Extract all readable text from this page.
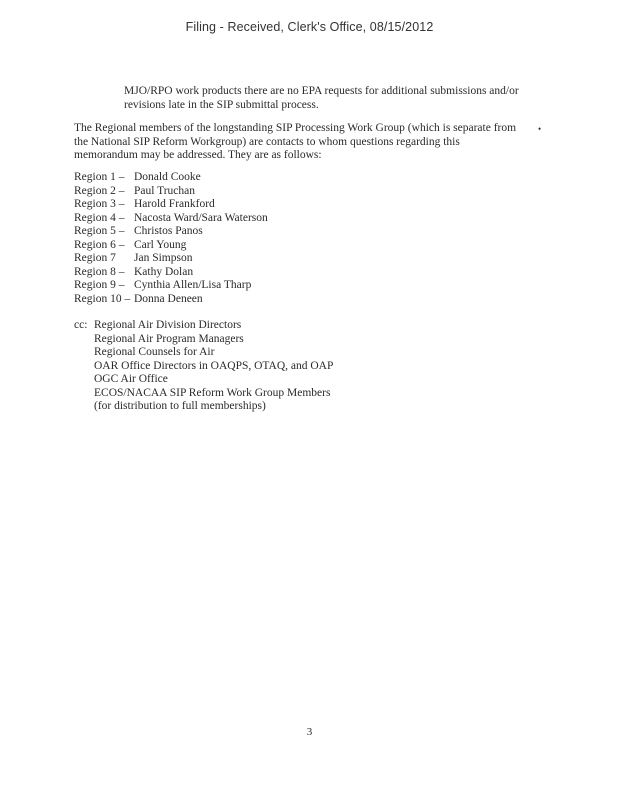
Filing - Received, Clerk's Office, 08/15/2012
MJO/RPO work products there are no EPA requests for additional submissions and/or
revisions late in the SIP submittal process.
The Regional members of the longstanding SIP Processing Work Group (which is separate from
the National SIP Reform Workgroup) are contacts to whom questions regarding this
memorandum may be addressed. They are as follows:
•
Region 1 – Donald Cooke
Region 2 – Paul Truchan
Region 3 – Harold Frankford
Region 4 – Nacosta Ward/Sara Waterson
Region 5 – Christos Panos
Region 6 – Carl Young
Region 7	Jan Simpson
Region 8 – Kathy Dolan
Region 9 – Cynthia Allen/Lisa Tharp
Region 10 – Donna Deneen
cc: Regional Air Division Directors
Regional Air Program Managers
Regional Counsels for Air
OAR Office Directors in OAQPS, OTAQ, and OAP
OGC Air Office
ECOS/NACAA SIP Reform Work Group Members
(for distribution to full memberships)
3
